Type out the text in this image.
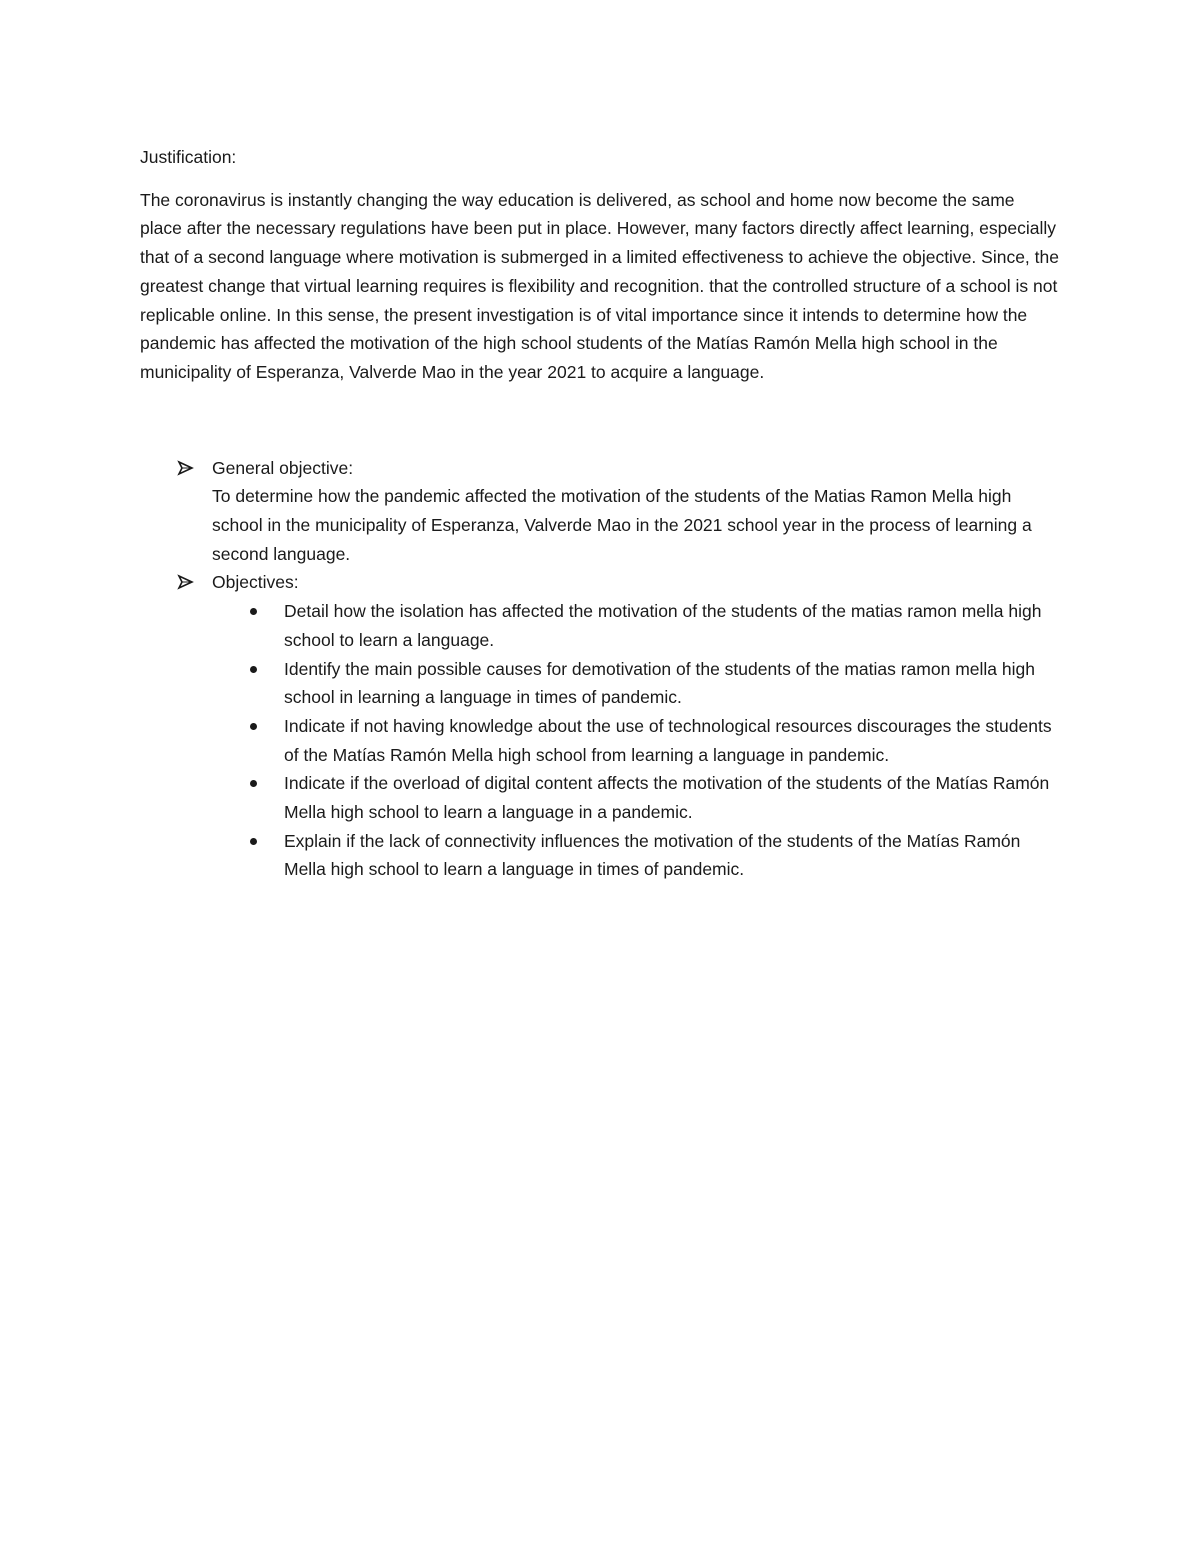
Justification:

The coronavirus is instantly changing the way education is delivered, as school and home now become the same place after the necessary regulations have been put in place. However, many factors directly affect learning, especially that of a second language where motivation is submerged in a limited effectiveness to achieve the objective. Since, the greatest change that virtual learning requires is flexibility and recognition. that the controlled structure of a school is not replicable online. In this sense, the present investigation is of vital importance since it intends to determine how the pandemic has affected the motivation of the high school students of the Matías Ramón Mella high school in the municipality of Esperanza, Valverde Mao in the year 2021 to acquire a language.

General objective:
To determine how the pandemic affected the motivation of the students of the Matias Ramon Mella high school in the municipality of Esperanza, Valverde Mao in the 2021 school year in the process of learning a second language.
Objectives:
Detail how the isolation has affected the motivation of the students of the matias ramon mella high school to learn a language.
Identify the main possible causes for demotivation of the students of the matias ramon mella high school in learning a language in times of pandemic.
Indicate if not having knowledge about the use of technological resources discourages the students of the Matías Ramón Mella high school from learning a language in pandemic.
Indicate if the overload of digital content affects the motivation of the students of the Matías Ramón Mella high school to learn a language in a pandemic.
Explain if the lack of connectivity influences the motivation of the students of the Matías Ramón Mella high school to learn a language in times of pandemic.
